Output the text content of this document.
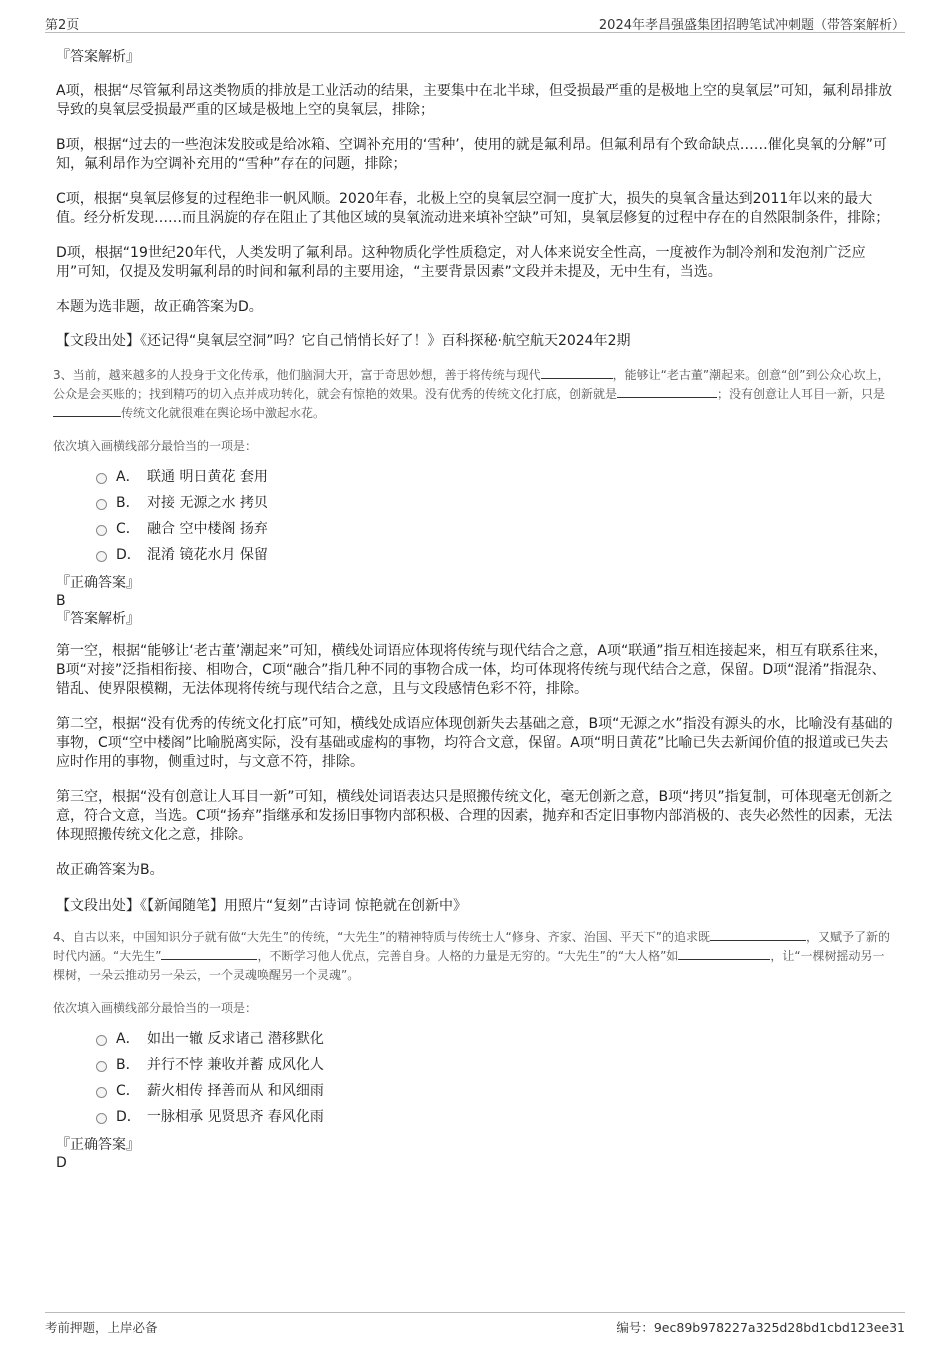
第2页	2024年孝昌强盛集团招聘笔试冲刺题（带答案解析）

『答案解析』

A项，根据“尽管氟利昂这类物质的排放是工业活动的结果，主要集中在北半球，但受损最严重的是极地上空的臭氧层”可知，氟利昂排放导致的臭氧层受损最严重的区域是极地上空的臭氧层，排除；

B项，根据“过去的一些泡沫发胶或是给冰箱、空调补充用的‘雪种’，使用的就是氟利昂。但氟利昂有个致命缺点……催化臭氧的分解”可知，氟利昂作为空调补充用的“雪种”存在的问题，排除；

C项，根据“臭氧层修复的过程绝非一帆风顺。2020年春，北极上空的臭氧层空洞一度扩大，损失的臭氧含量达到2011年以来的最大值。经分析发现……而且涡旋的存在阻止了其他区域的臭氧流动进来填补空缺”可知，臭氧层修复的过程中存在的自然限制条件，排除；

D项，根据“19世纪20年代，人类发明了氟利昂。这种物质化学性质稳定，对人体来说安全性高，一度被作为制冷剂和发泡剂广泛应用”可知，仅提及发明氟利昂的时间和氟利昂的主要用途，“主要背景因素”文段并未提及，无中生有，当选。

本题为选非题，故正确答案为D。

【文段出处】《还记得“臭氧层空洞”吗？它自己悄悄长好了！》百科探秘·航空航天2024年2期

3、当前，越来越多的人投身于文化传承，他们脑洞大开，富于奇思妙想，善于将传统与现代	，能够让“老古董”潮起来。创意“创”到公众心坎上，公众是会买账的；找到精巧的切入点并成功转化，就会有惊艳的效果。没有优秀的传统文化打底，创新就是	；没有创意让人耳目一新，只是传统文化就很难在舆论场中激起水花。

依次填入画横线部分最恰当的一项是：

A． 联通 明日黄花 套用
B． 对接 无源之水 拷贝
C． 融合 空中楼阁 扬弃
D． 混淆 镜花水月 保留

『正确答案』

B

『答案解析』

第一空，根据“能够让‘老古董’潮起来”可知，横线处词语应体现将传统与现代结合之意，A项“联通”指互相连接起来，相互有联系往来，B项“对接”泛指相衔接、相吻合，C项“融合”指几种不同的事物合成一体，均可体现将传统与现代结合之意，保留。D项“混淆”指混杂、错乱、使界限模糊，无法体现将传统与现代结合之意，且与文段感情色彩不符，排除。

第二空，根据“没有优秀的传统文化打底”可知，横线处成语应体现创新失去基础之意，B项“无源之水”指没有源头的水，比喻没有基础的事物，C项“空中楼阁”比喻脱离实际，没有基础或虚构的事物，均符合文意，保留。A项“明日黄花”比喻已失去新闻价值的报道或已失去应时作用的事物，侧重过时，与文意不符，排除。

第三空，根据“没有创意让人耳目一新”可知，横线处词语表达只是照搬传统文化，毫无创新之意，B项“拷贝”指复制，可体现毫无创新之意，符合文意，当选。C项“扬弃”指继承和发扬旧事物内部积极、合理的因素，抛弃和否定旧事物内部消极的、丧失必然性的因素，无法体现照搬传统文化之意，排除。

故正确答案为B。

【文段出处】《【新闻随笔】用照片“复刻”古诗词 惊艳就在创新中》

4、自古以来，中国知识分子就有做“大先生”的传统，“大先生”的精神特质与传统士人“修身、齐家、治国、平天下”的追求既	，又赋予了新的时代内涵。“大先生”	，不断学习他人优点，完善自身。人格的力量是无穷的。“大先生”的“大人格”如	，让“一棵树摇动另一棵树，一朵云推动另一朵云，一个灵魂唤醒另一个灵魂”。

依次填入画横线部分最恰当的一项是：

A． 如出一辙 反求诸己 潜移默化
B． 并行不悖 兼收并蓄 成风化人
C． 薪火相传 择善而从 和风细雨
D． 一脉相承 见贤思齐 春风化雨

『正确答案』

D

考前押题，上岸必备	编号：9ec89b978227a325d28bd1cbd123ee31
